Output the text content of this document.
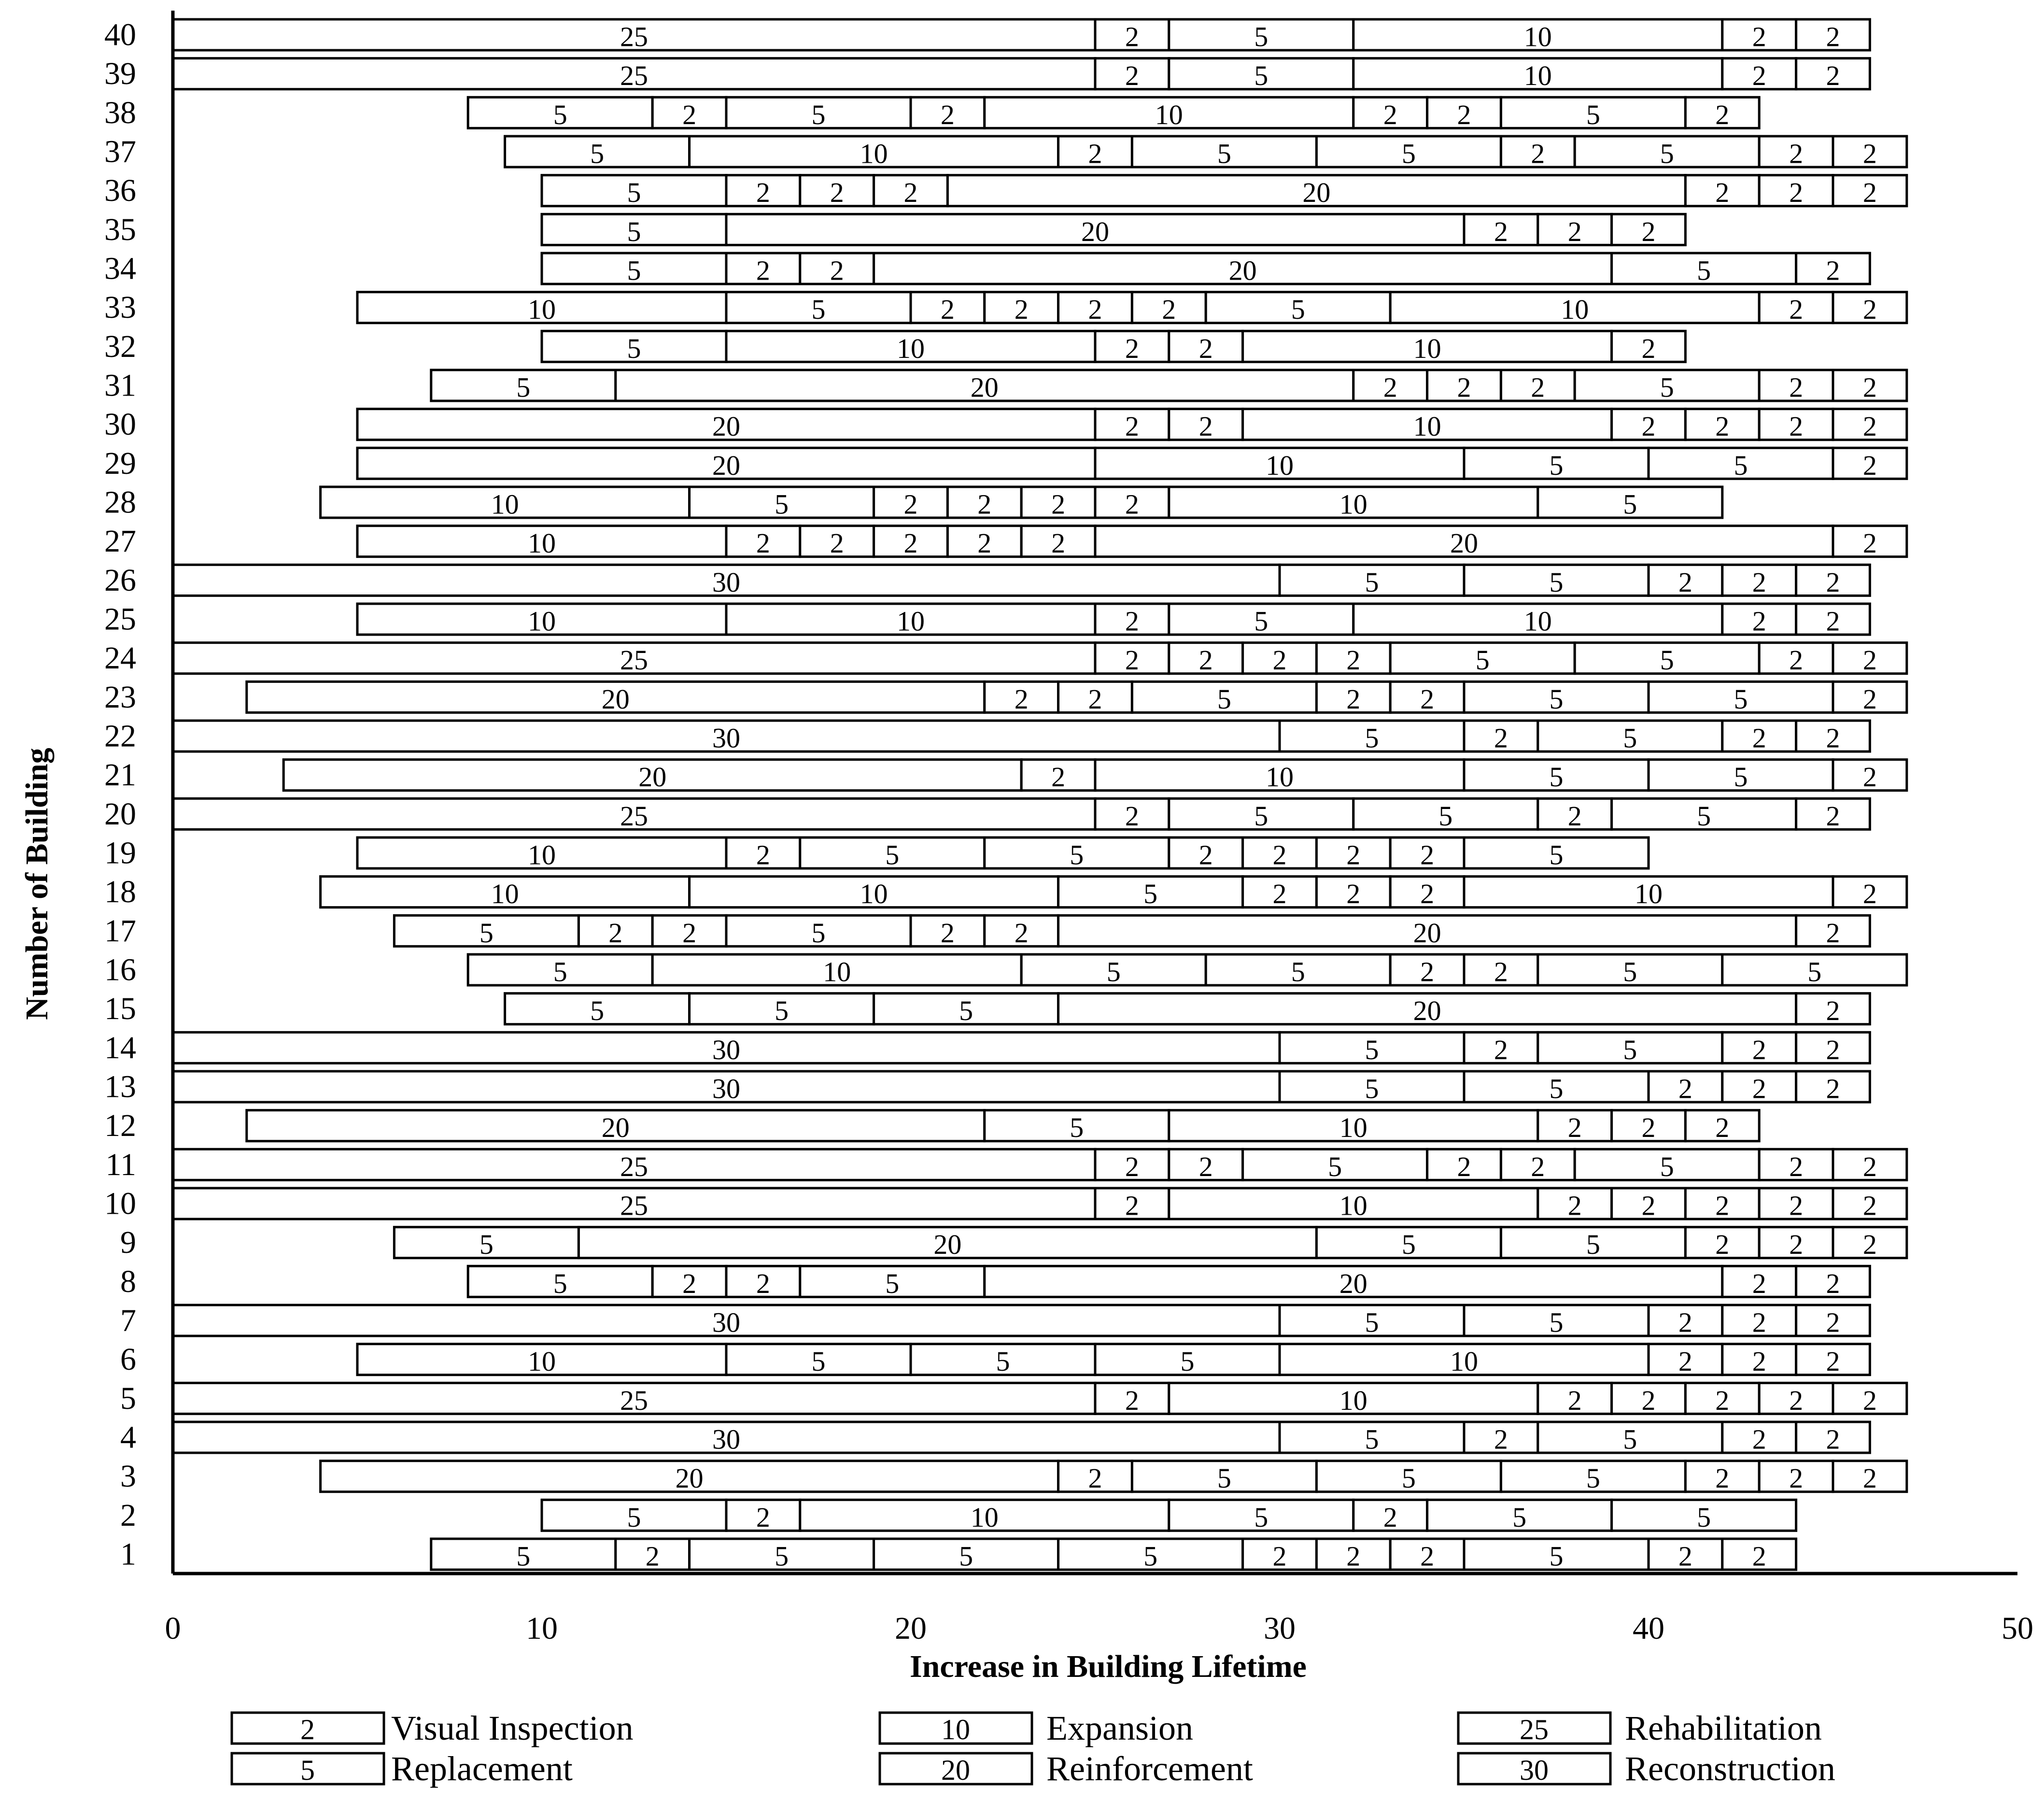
5	2	5	5	5	2 2 2	5	2 2
5	2	10	5	2	5	5
20	2	5	5	5	2 2 2
30	5	2	5	2 2
25	2	10	2 2 2 2 2
10	5	5	5	10	2 2 2
30	5	5	2 2 2
5	2 2	5	20	2 2
5	20	5	5	2 2 2
25	2	10	2 2 2 2 2
25	2 2	5	2 2	5	2 2
20	5	10	2 2 2
30	5	5	2 2 2
30	5	2	5	2 2
5	5	5	20	2
5	10	5	5	2 2	5	5
5	2 2	5	2 2	20	2
10	10	5	2 2 2	10	2
10	2	5	5	2 2 2 2	5
25	2	5	5	2	5	2
20	2	10	5	5	2
30	5	2	5	2 2
20	2 2	5	2 2	5	5	2
25	2 2 2 2	5	5	2 2
10	10	2	5	10	2 2
30	5	5	2 2 2
10	2 2 2 2 2	20	2
10	5	2 2 2 2	10	5
20	10	5	5	2
20	2 2	10	2 2 2 2
5	20	2 2 2	5	2 2
5	10	2 2	10	2
10	5	2 2 2 2	5	10	2 2
5	2 2	20	5	2
5	20	2 2 2
5	2 2 2	20	2 2 2
5	10	2	5	5	2	5	2 2
5	2	5	2	10	2 2	5	2
25	2	5	10	2 2
25	2	5	10	2 2
1
2
3
4
5
6
7
8
9
10
11
12
13
14
15
16
17
18
19
20
21
22
23
24
25
26
27
28
29
30
31
32
33
34
35
36
37
38
39
40
0	10	20	30	40	50
Increase in Building Lifetime
Number of Building
2 Visual Inspection
5 Replacement
10 Expansion
20 Reinforcement
25 Rehabilitation
30 Reconstruction
